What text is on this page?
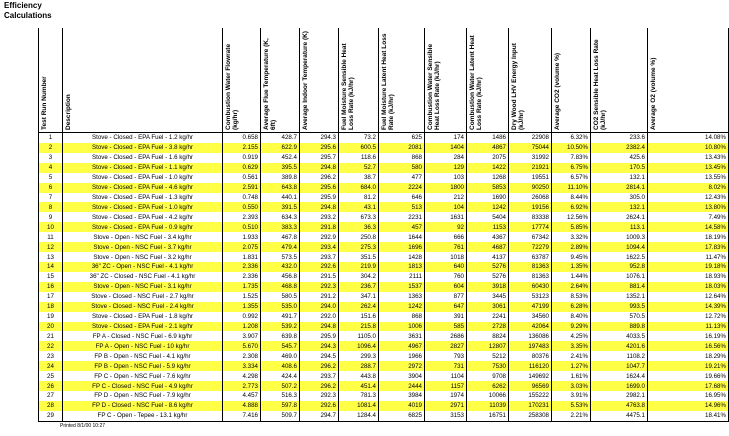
Efficiency
Calculations
Test Run Number	Description	Combustion Water Flowrate (kg/hr)	Average Flue Temperature (K, 6ft)	Average Indoor Temperature (K)	Fuel Moisture Sensible Heat Loss Rate (kJ/hr)	Fuel Moisture Latent Heat Loss Rate (kJ/hr)	Combustion Water Sensible Heat Loss Rate (kJ/hr)	Combustion Water Latent Heat Loss Rate (kJ/hr)	Dry Wood LHV Energy Input (kJ/hr)	Average CO2 (volume %)	CO2 Sensible Heat Loss Rate (kJ/hr)	Average O2 (volume %)

1	Stove - Closed - EPA Fuel - 1.2 kg/hr	0.658	428.7	294.3	73.2	625	174	1486	22908	6.32%	233.6	14.08%
2	Stove - Closed - EPA Fuel - 3.8 kg/hr	2.155	622.9	295.6	600.5	2081	1404	4867	75044	10.50%	2382.4	10.80%
3	Stove - Closed - EPA Fuel - 1.6 kg/hr	0.919	452.4	295.7	118.6	868	284	2075	31992	7.83%	425.6	13.43%
4	Stove - Closed - EPA Fuel - 1.1 kg/hr	0.629	395.5	294.8	52.7	580	129	1422	21921	6.75%	170.5	13.45%
5	Stove - Closed - EPA Fuel - 1.0 kg/hr	0.561	389.8	296.2	38.7	477	103	1268	19551	6.57%	132.1	13.55%
6	Stove - Closed - EPA Fuel - 4.6 kg/hr	2.591	643.8	295.6	684.0	2224	1800	5853	90250	11.10%	2814.1	8.02%
7	Stove - Closed - EPA Fuel - 1.3 kg/hr	0.748	440.1	295.9	81.2	646	212	1690	26068	8.44%	305.0	12.43%
8	Stove - Closed - EPA Fuel - 1.0 kg/hr	0.550	391.5	294.8	43.1	513	104	1242	19156	6.92%	132.1	13.80%
9	Stove - Closed - EPA Fuel - 4.2 kg/hr	2.393	634.3	293.2	673.3	2231	1631	5404	83338	12.56%	2624.1	7.49%
10	Stove - Closed - EPA Fuel - 0.9 kg/hr	0.510	383.3	291.8	36.3	457	92	1153	17774	5.85%	113.1	14.58%
11	Stove - Open - NSC Fuel - 3.4 kg/hr	1.933	467.8	292.9	250.8	1644	666	4367	67342	3.32%	1009.3	18.19%
12	Stove - Open - NSC Fuel - 3.7 kg/hr	2.075	479.4	293.4	275.3	1696	761	4687	72279	2.89%	1094.4	17.83%
13	Stove - Open - NSC Fuel - 3.2 kg/hr	1.831	573.5	293.7	351.5	1428	1018	4137	63787	9.45%	1622.5	11.47%
14	36" ZC - Open - NSC Fuel - 4.1 kg/hr	2.336	432.0	292.6	219.9	1813	640	5276	81363	1.35%	952.8	19.18%
15	36" ZC - Closed - NSC Fuel - 4.1 kg/hr	2.336	456.8	291.5	304.2	2111	760	5276	81363	1.44%	1076.1	18.93%
16	Stove - Open - NSC Fuel - 3.1 kg/hr	1.735	468.8	292.3	236.7	1537	604	3918	60430	2.64%	881.4	18.03%
17	Stove - Closed - NSC Fuel - 2.7 kg/hr	1.525	580.5	291.2	347.1	1363	877	3445	53123	8.53%	1352.1	12.64%
18	Stove - Closed - NSC Fuel - 2.4 kg/hr	1.355	535.0	294.0	262.4	1242	647	3061	47199	6.28%	993.5	14.39%
19	Stove - Closed - EPA Fuel - 1.8 kg/hr	0.992	491.7	292.0	151.6	868	391	2241	34560	8.40%	570.5	12.72%
20	Stove - Closed - EPA Fuel - 2.1 kg/hr	1.208	539.2	294.8	215.8	1006	585	2728	42064	9.29%	889.8	11.13%
21	FP A - Closed - NSC Fuel - 6.9 kg/hr	3.907	639.8	295.9	1105.0	3631	2686	8824	136086	4.25%	4033.5	16.19%
22	FP A - Open - NSC Fuel - 10 kg/hr	5.670	545.7	294.3	1096.4	4967	2827	12807	197483	3.35%	4201.6	16.56%
23	FP B - Open - NSC Fuel - 4.1 kg/hr	2.308	469.0	294.5	299.3	1966	793	5212	80376	2.41%	1108.2	18.29%
24	FP B - Open - NSC Fuel - 5.9 kg/hr	3.334	408.6	296.2	288.7	2972	731	7530	116120	1.27%	1047.7	19.21%
25	FP C - Open - NSC Fuel - 7.6 kg/hr	4.298	424.4	293.7	443.8	3904	1104	9708	149692	1.61%	1624.4	19.66%
26	FP C - Closed - NSC Fuel - 4.9 kg/hr	2.773	507.2	296.2	451.4	2444	1157	6262	96569	3.03%	1699.0	17.68%
27	FP D - Open - NSC Fuel - 7.9 kg/hr	4.457	516.3	292.3	781.3	3984	1974	10066	155222	3.91%	2982.1	16.95%
28	FP D - Closed - NSC Fuel - 8.6 kg/hr	4.888	597.8	292.6	1081.4	4019	2971	11039	170231	5.53%	4763.8	14.96%
29	FP C - Open - Tepee - 13.1 kg/hr	7.416	509.7	294.7	1284.4	6825	3153	16751	258308	2.21%	4475.1	18.41%
Printed 8/1/00 10:27
